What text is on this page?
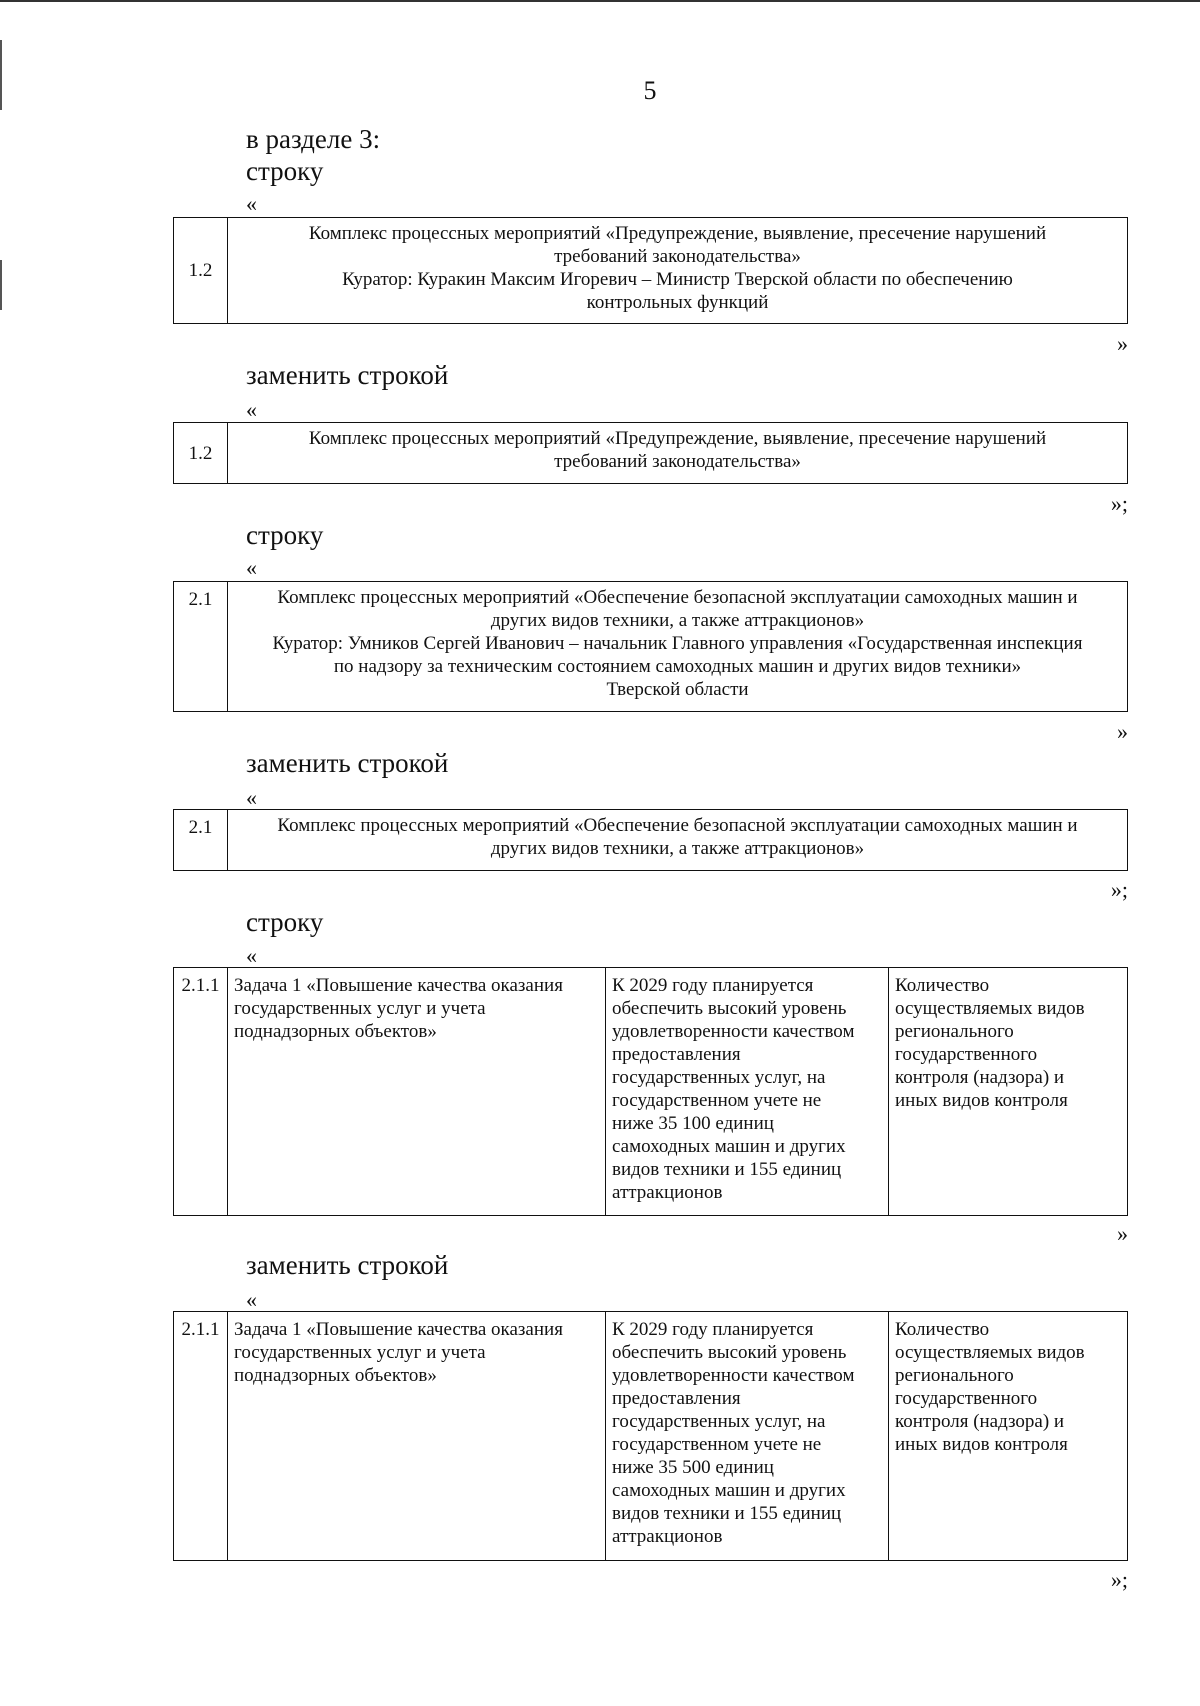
5
в разделе 3:
строку
«
1.2

Комплекс процессных мероприятий «Предупреждение, выявление, пресечение нарушений

требований законодательства»

Куратор: Куракин Максим Игоревич – Министр Тверской области по обеспечению

контрольных функций

»
заменить строкой
«
1.2

Комплекс процессных мероприятий «Предупреждение, выявление, пресечение нарушений

требований законодательства»

»;
строку
«
2.1	Комплекс процессных мероприятий «Обеспечение безопасной эксплуатации самоходных машин и

других видов техники, а также аттракционов»

Куратор: Умников Сергей Иванович – начальник Главного управления «Государственная инспекция

по надзору за техническим состоянием самоходных машин и других видов техники»

Тверской области

»
заменить строкой
«
2.1	Комплекс процессных мероприятий «Обеспечение безопасной эксплуатации самоходных машин и

других видов техники, а также аттракционов»

»;
строку
«
2.1.1 Задача 1 «Повышение качества оказания

государственных услуг и учета

поднадзорных объектов»

К 2029 году планируется

обеспечить высокий уровень

удовлетворенности качеством

предоставления

государственных услуг, на

государственном учете не

ниже 35 100 единиц

самоходных машин и других

видов техники и 155 единиц

аттракционов

Количество

осуществляемых видов

регионального

государственного

контроля (надзора) и

иных видов контроля

»
заменить строкой
«
2.1.1 Задача 1 «Повышение качества оказания

государственных услуг и учета

поднадзорных объектов»

К 2029 году планируется

обеспечить высокий уровень

удовлетворенности качеством

предоставления

государственных услуг, на

государственном учете не

ниже 35 500 единиц

самоходных машин и других

видов техники и 155 единиц

аттракционов

Количество

осуществляемых видов

регионального

государственного

контроля (надзора) и

иных видов контроля

»;
